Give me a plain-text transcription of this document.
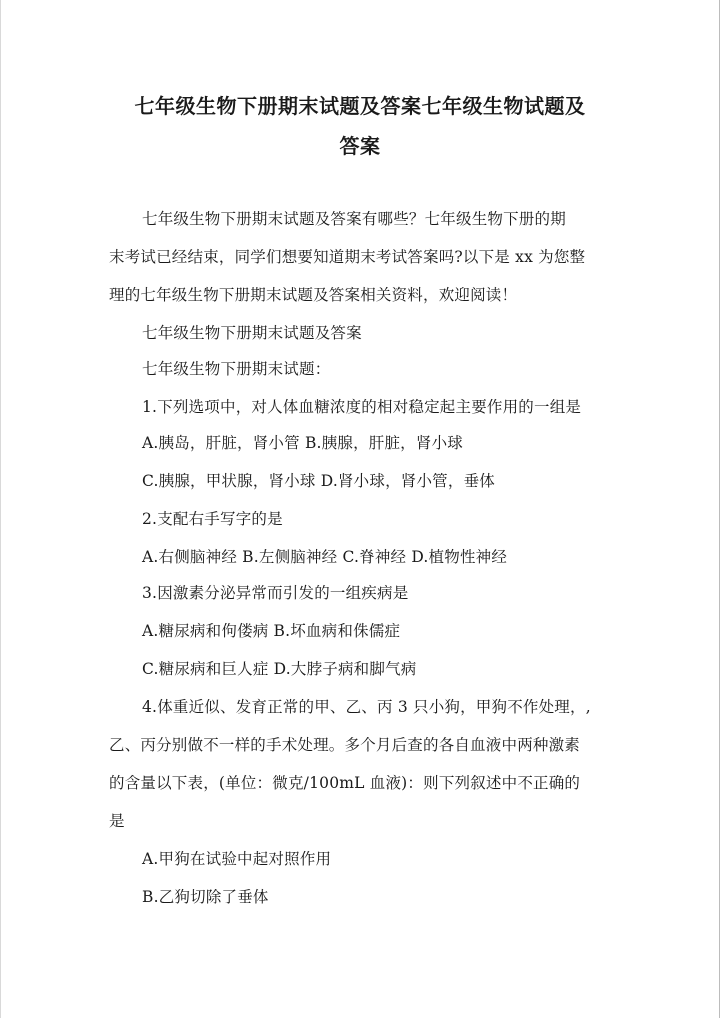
七年级生物下册期末试题及答案七年级生物试题及
答案

七年级生物下册期末试题及答案有哪些？七年级生物下册的期

末考试已经结束，同学们想要知道期末考试答案吗?以下是 xx 为您整

理的七年级生物下册期末试题及答案相关资料，欢迎阅读！

七年级生物下册期末试题及答案

七年级生物下册期末试题：

1.下列选项中，对人体血糖浓度的相对稳定起主要作用的一组是

A.胰岛，肝脏，肾小管 B.胰腺，肝脏，肾小球

C.胰腺，甲状腺，肾小球 D.肾小球，肾小管，垂体

2.支配右手写字的是

A.右侧脑神经 B.左侧脑神经 C.脊神经 D.植物性神经

3.因激素分泌异常而引发的一组疾病是

A.糖尿病和佝偻病 B.坏血病和侏儒症

C.糖尿病和巨人症 D.大脖子病和脚气病

4.体重近似、发育正常的甲、乙、丙 3 只小狗，甲狗不作处理，,

乙、丙分别做不一样的手术处理。多个月后查的各自血液中两种激素

的含量以下表，(单位：微克/100mL 血液)：则下列叙述中不正确的

是

A.甲狗在试验中起对照作用

B.乙狗切除了垂体
